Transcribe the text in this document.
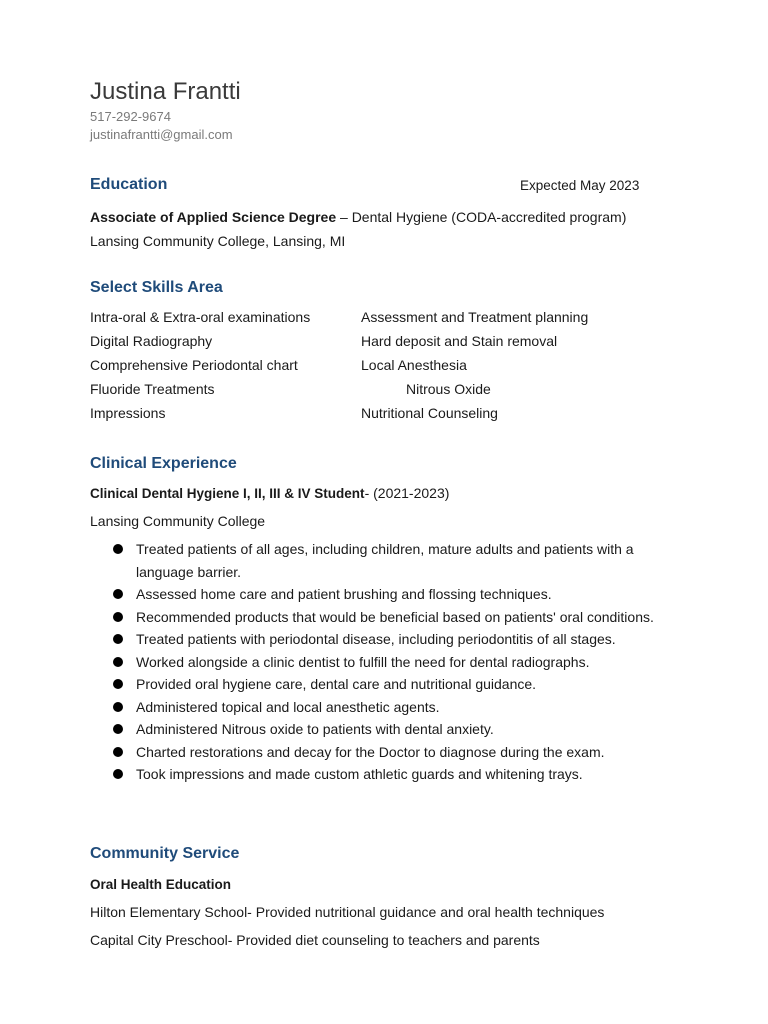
Justina Frantti
517-292-9674
justinafrantti@gmail.com
Education	Expected May 2023
Associate of Applied Science Degree – Dental Hygiene (CODA-accredited program)
Lansing Community College, Lansing, MI
Select Skills Area
Intra-oral & Extra-oral examinations
Digital Radiography
Comprehensive Periodontal chart
Fluoride Treatments
Impressions
Assessment and Treatment planning
Hard deposit and Stain removal
Local Anesthesia
Nitrous Oxide
Nutritional Counseling
Clinical Experience
Clinical Dental Hygiene I, II, III & IV Student- (2021-2023)
Lansing Community College
Treated patients of all ages, including children, mature adults and patients with a language barrier.
Assessed home care and patient brushing and flossing techniques.
Recommended products that would be beneficial based on patients' oral conditions.
Treated patients with periodontal disease, including periodontitis of all stages.
Worked alongside a clinic dentist to fulfill the need for dental radiographs.
Provided oral hygiene care, dental care and nutritional guidance.
Administered topical and local anesthetic agents.
Administered Nitrous oxide to patients with dental anxiety.
Charted restorations and decay for the Doctor to diagnose during the exam.
Took impressions and made custom athletic guards and whitening trays.
Community Service
Oral Health Education
Hilton Elementary School- Provided nutritional guidance and oral health techniques
Capital City Preschool- Provided diet counseling to teachers and parents
